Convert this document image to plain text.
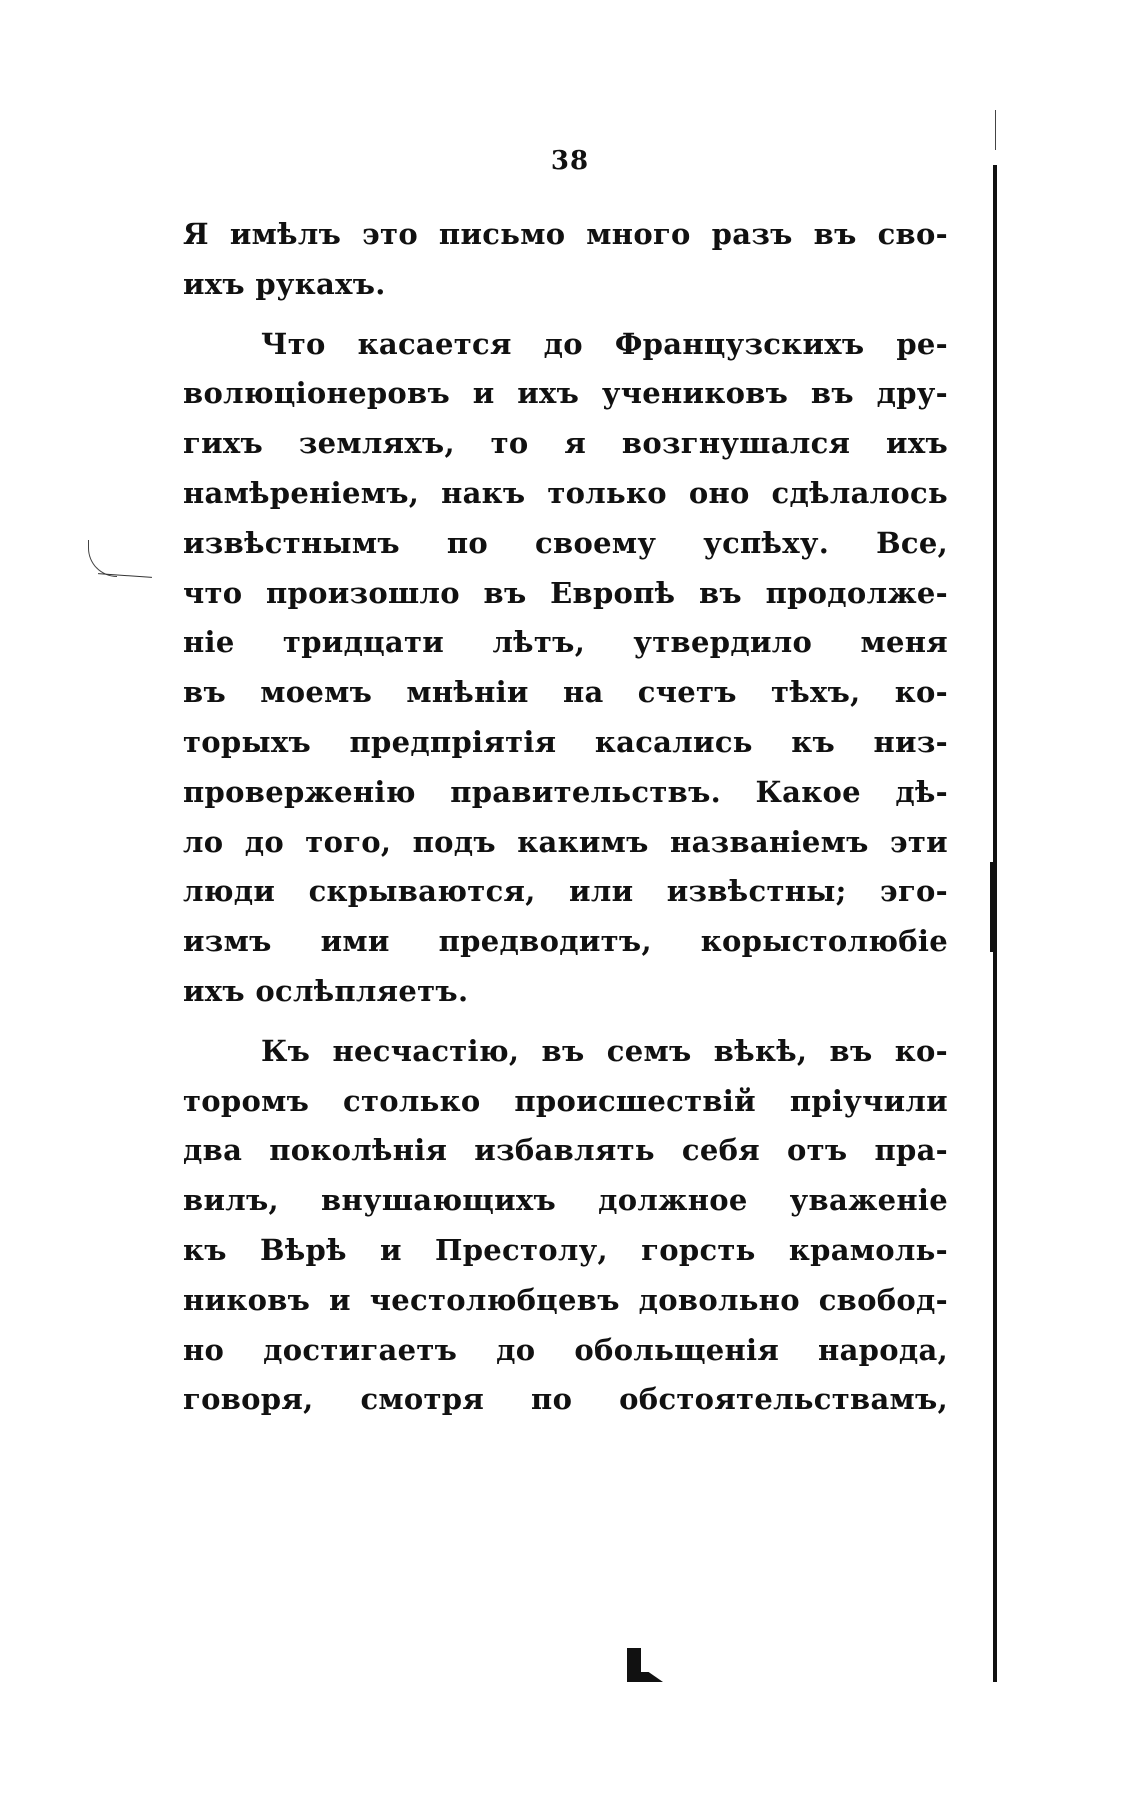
38
Я имѣлъ это письмо много разъ въ сво-
ихъ рукахъ.
Что касается до Французскихъ ре-
волюціонеровъ и ихъ учениковъ въ дру-
гихъ земляхъ, то я возгнушался ихъ
намѣреніемъ, накъ только оно сдѣлалось
извѣстнымъ по своему успѣху. Все,
что произошло въ Европѣ въ продолже-
ніе тридцати лѣтъ, утвердило меня
въ моемъ мнѣніи на счетъ тѣхъ, ко-
торыхъ предпріятія касались къ низ-
проверженію правительствъ. Какое дѣ-
ло до того, подъ какимъ названіемъ эти
люди скрываются, или извѣстны; эго-
измъ ими предводитъ, корыстолюбіе
ихъ ослѣпляетъ.
Къ несчастію, въ семъ вѣкѣ, въ ко-
торомъ столько происшествій пріучили
два поколѣнія избавлять себя отъ пра-
вилъ, внушающихъ должное уваженіе
къ Вѣрѣ и Престолу, горсть крамоль-
никовъ и честолюбцевъ довольно свобод-
но достигаетъ до обольщенія народа,
говоря, смотря по обстоятельствамъ,
